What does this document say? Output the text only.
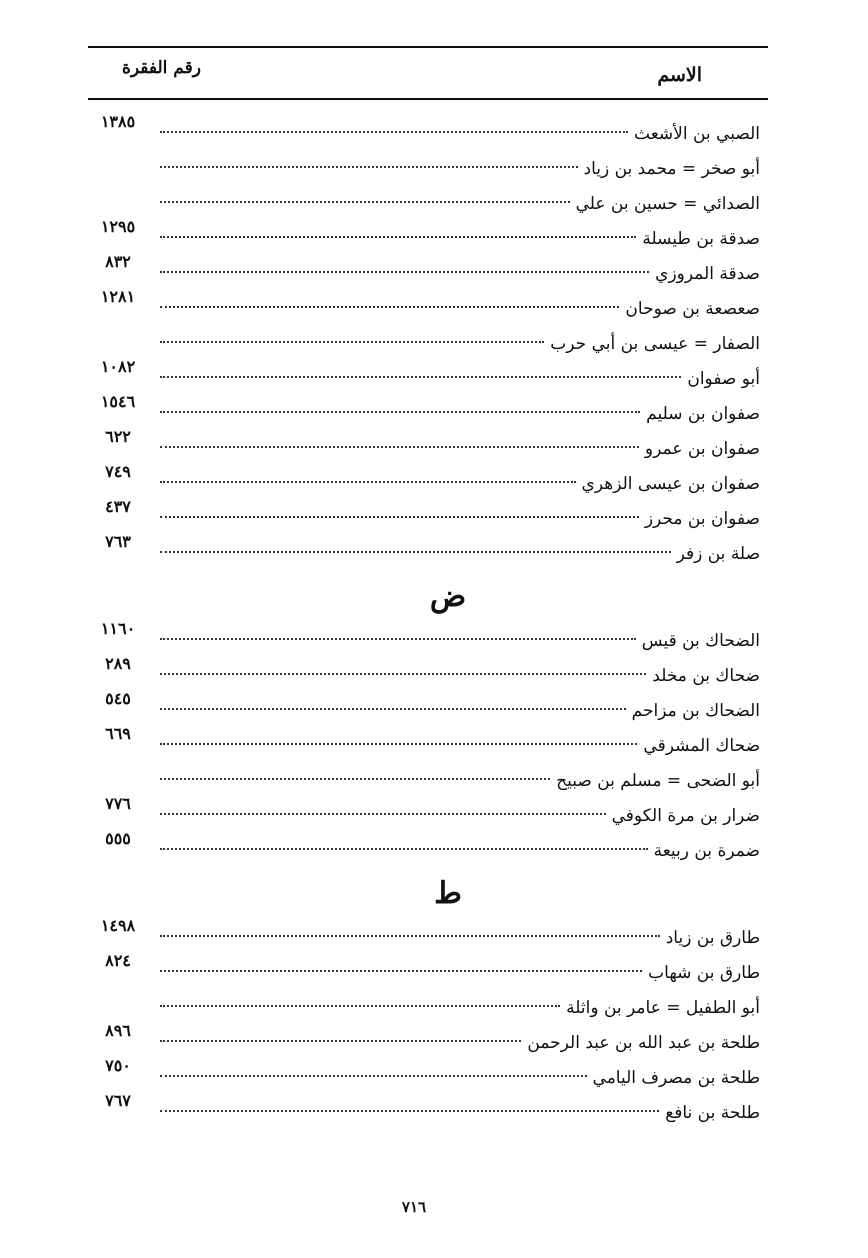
الاسم
رقم الفقرة
الصبي بن الأشعث
١٣٨٥
أبو صخر = محمد بن زياد
الصدائي = حسين بن علي
صدقة بن طيسلة
١٢٩٥
صدقة المروزي
٨٣٢
صعصعة بن صوحان
١٢٨١
الصفار = عيسى بن أبي حرب
أبو صفوان
١٠٨٢
صفوان بن سليم
١٥٤٦
صفوان بن عمرو
٦٢٢
صفوان بن عيسى الزهري
٧٤٩
صفوان بن محرز
٤٣٧
صلة بن زفر
٧٦٣
ض
الضحاك بن قيس
١١٦٠
ضحاك بن مخلد
٢٨٩
الضحاك بن مزاحم
٥٤٥
ضحاك المشرقي
٦٦٩
أبو الضحى = مسلم بن صبيح
ضرار بن مرة الكوفي
٧٧٦
ضمرة بن ربيعة
٥٥٥
ط
طارق بن زياد
١٤٩٨
طارق بن شهاب
٨٢٤
أبو الطفيل = عامر بن واثلة
طلحة بن عبد الله بن عبد الرحمن
٨٩٦
طلحة بن مصرف اليامي
٧٥٠
طلحة بن نافع
٧٦٧
٧١٦
